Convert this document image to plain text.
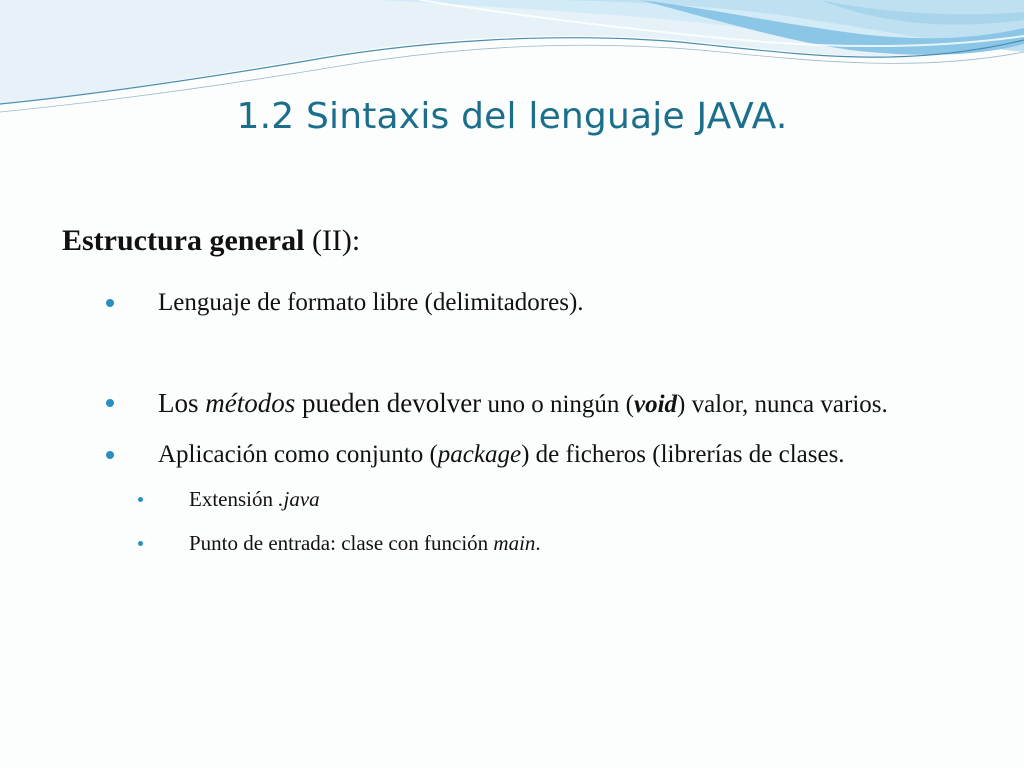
1.2 Sintaxis del lenguaje JAVA.

Estructura general (II):

Lenguaje de formato libre (delimitadores).
Los métodos pueden devolver uno o ningún (void) valor, nunca varios.
Aplicación como conjunto (package) de ficheros (librerías de clases.
Extensión .java
Punto de entrada: clase con función main.
